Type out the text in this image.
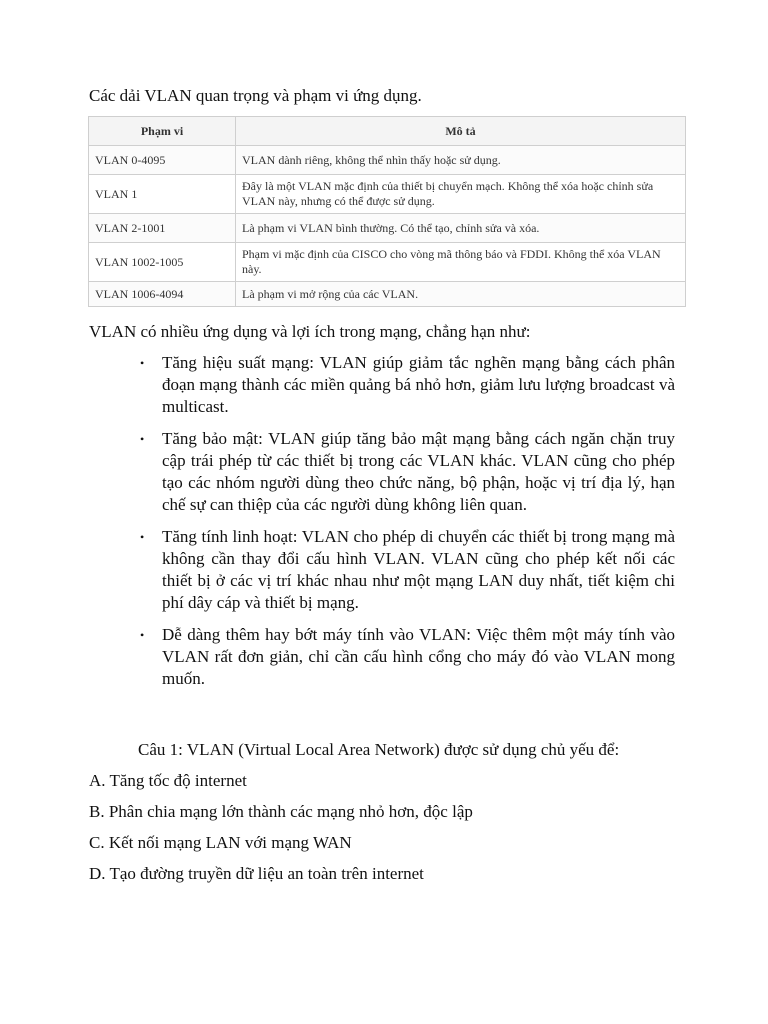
Các dải VLAN quan trọng và phạm vi ứng dụng.

Phạm vi	Mô tả
VLAN 0-4095	VLAN dành riêng, không thể nhìn thấy hoặc sử dụng.
VLAN 1	Đây là một VLAN mặc định của thiết bị chuyển mạch. Không thể xóa hoặc chỉnh sửa VLAN này, nhưng có thể được sử dụng.
VLAN 2-1001	Là phạm vi VLAN bình thường. Có thể tạo, chỉnh sửa và xóa.
VLAN 1002-1005	Phạm vi mặc định của CISCO cho vòng mã thông báo và FDDI. Không thể xóa VLAN này.
VLAN 1006-4094	Là phạm vi mở rộng của các VLAN.

VLAN có nhiều ứng dụng và lợi ích trong mạng, chẳng hạn như:

• Tăng hiệu suất mạng: VLAN giúp giảm tắc nghẽn mạng bằng cách phân đoạn mạng thành các miền quảng bá nhỏ hơn, giảm lưu lượng broadcast và multicast.
• Tăng bảo mật: VLAN giúp tăng bảo mật mạng bằng cách ngăn chặn truy cập trái phép từ các thiết bị trong các VLAN khác. VLAN cũng cho phép tạo các nhóm người dùng theo chức năng, bộ phận, hoặc vị trí địa lý, hạn chế sự can thiệp của các người dùng không liên quan.
• Tăng tính linh hoạt: VLAN cho phép di chuyển các thiết bị trong mạng mà không cần thay đổi cấu hình VLAN. VLAN cũng cho phép kết nối các thiết bị ở các vị trí khác nhau như một mạng LAN duy nhất, tiết kiệm chi phí dây cáp và thiết bị mạng.
• Dễ dàng thêm hay bớt máy tính vào VLAN: Việc thêm một máy tính vào VLAN rất đơn giản, chỉ cần cấu hình cổng cho máy đó vào VLAN mong muốn.

Câu 1: VLAN (Virtual Local Area Network) được sử dụng chủ yếu để:

A. Tăng tốc độ internet

B. Phân chia mạng lớn thành các mạng nhỏ hơn, độc lập

C. Kết nối mạng LAN với mạng WAN

D. Tạo đường truyền dữ liệu an toàn trên internet
